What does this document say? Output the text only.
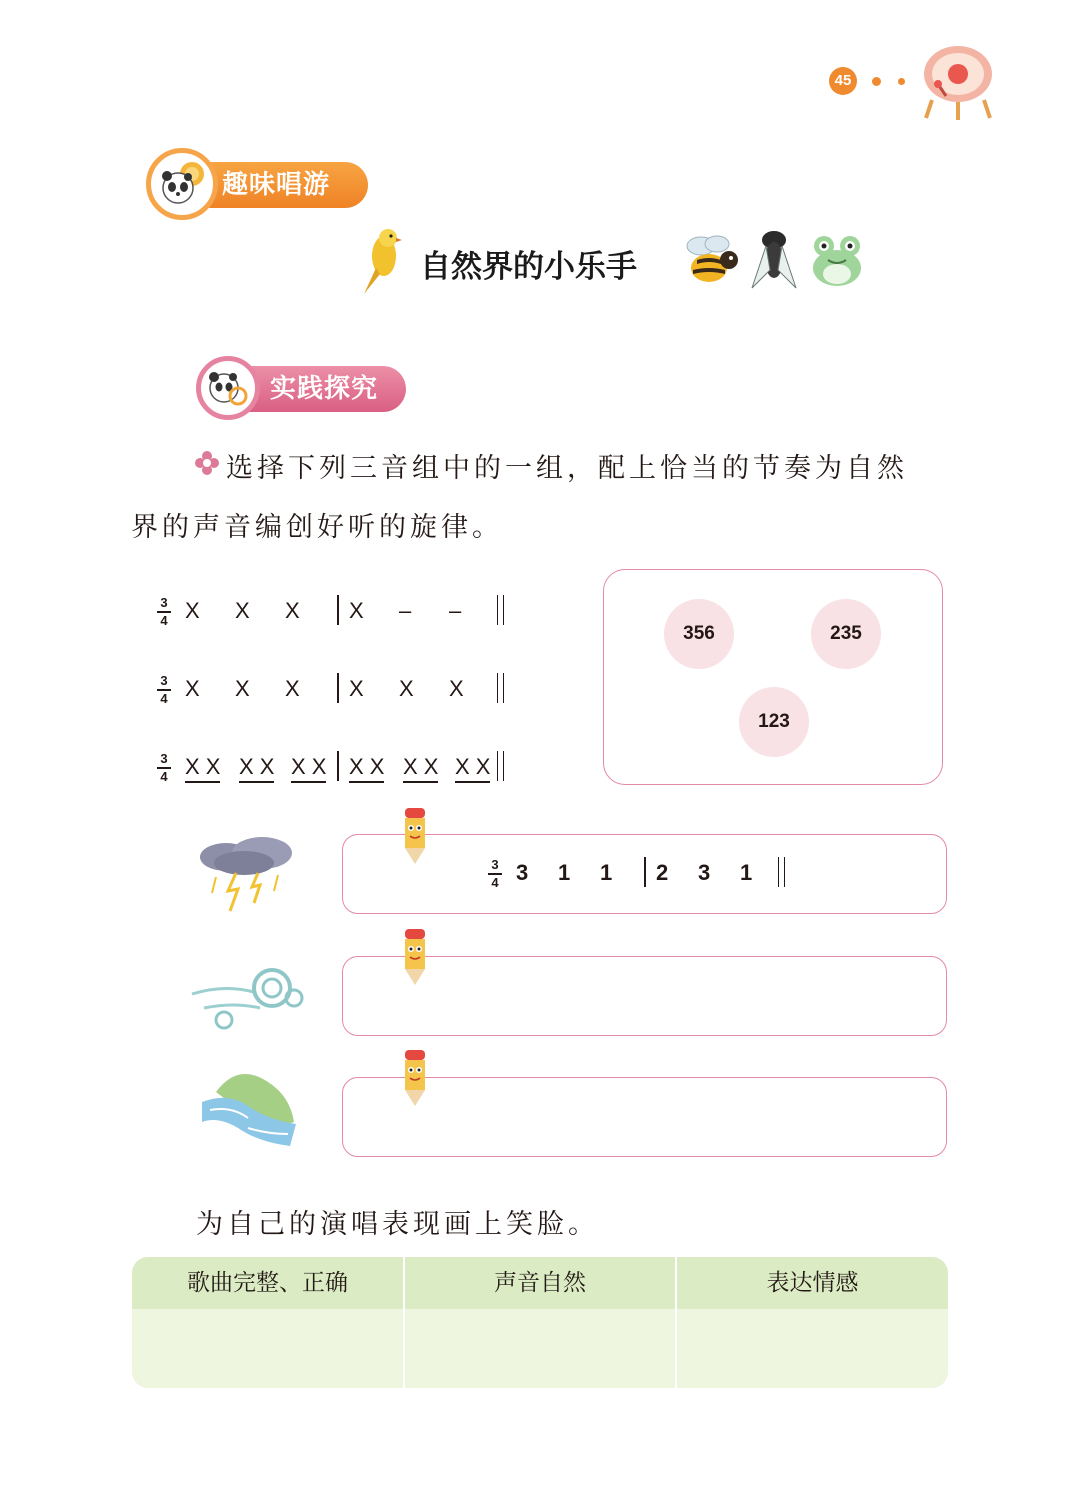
45
趣味唱游
自然界的小乐手
实践探究
选择下列三音组中的一组，配上恰当的节奏为自然
界的声音编创好听的旋律。
3
4 X X X X – –
3
4 X X X X X X
3
4 X X X X X X X X X X X X
356	235
123
3
4 3 1 1 2 3 1
为自己的演唱表现画上笑脸。
歌曲完整、正确	声音自然	表达情感
